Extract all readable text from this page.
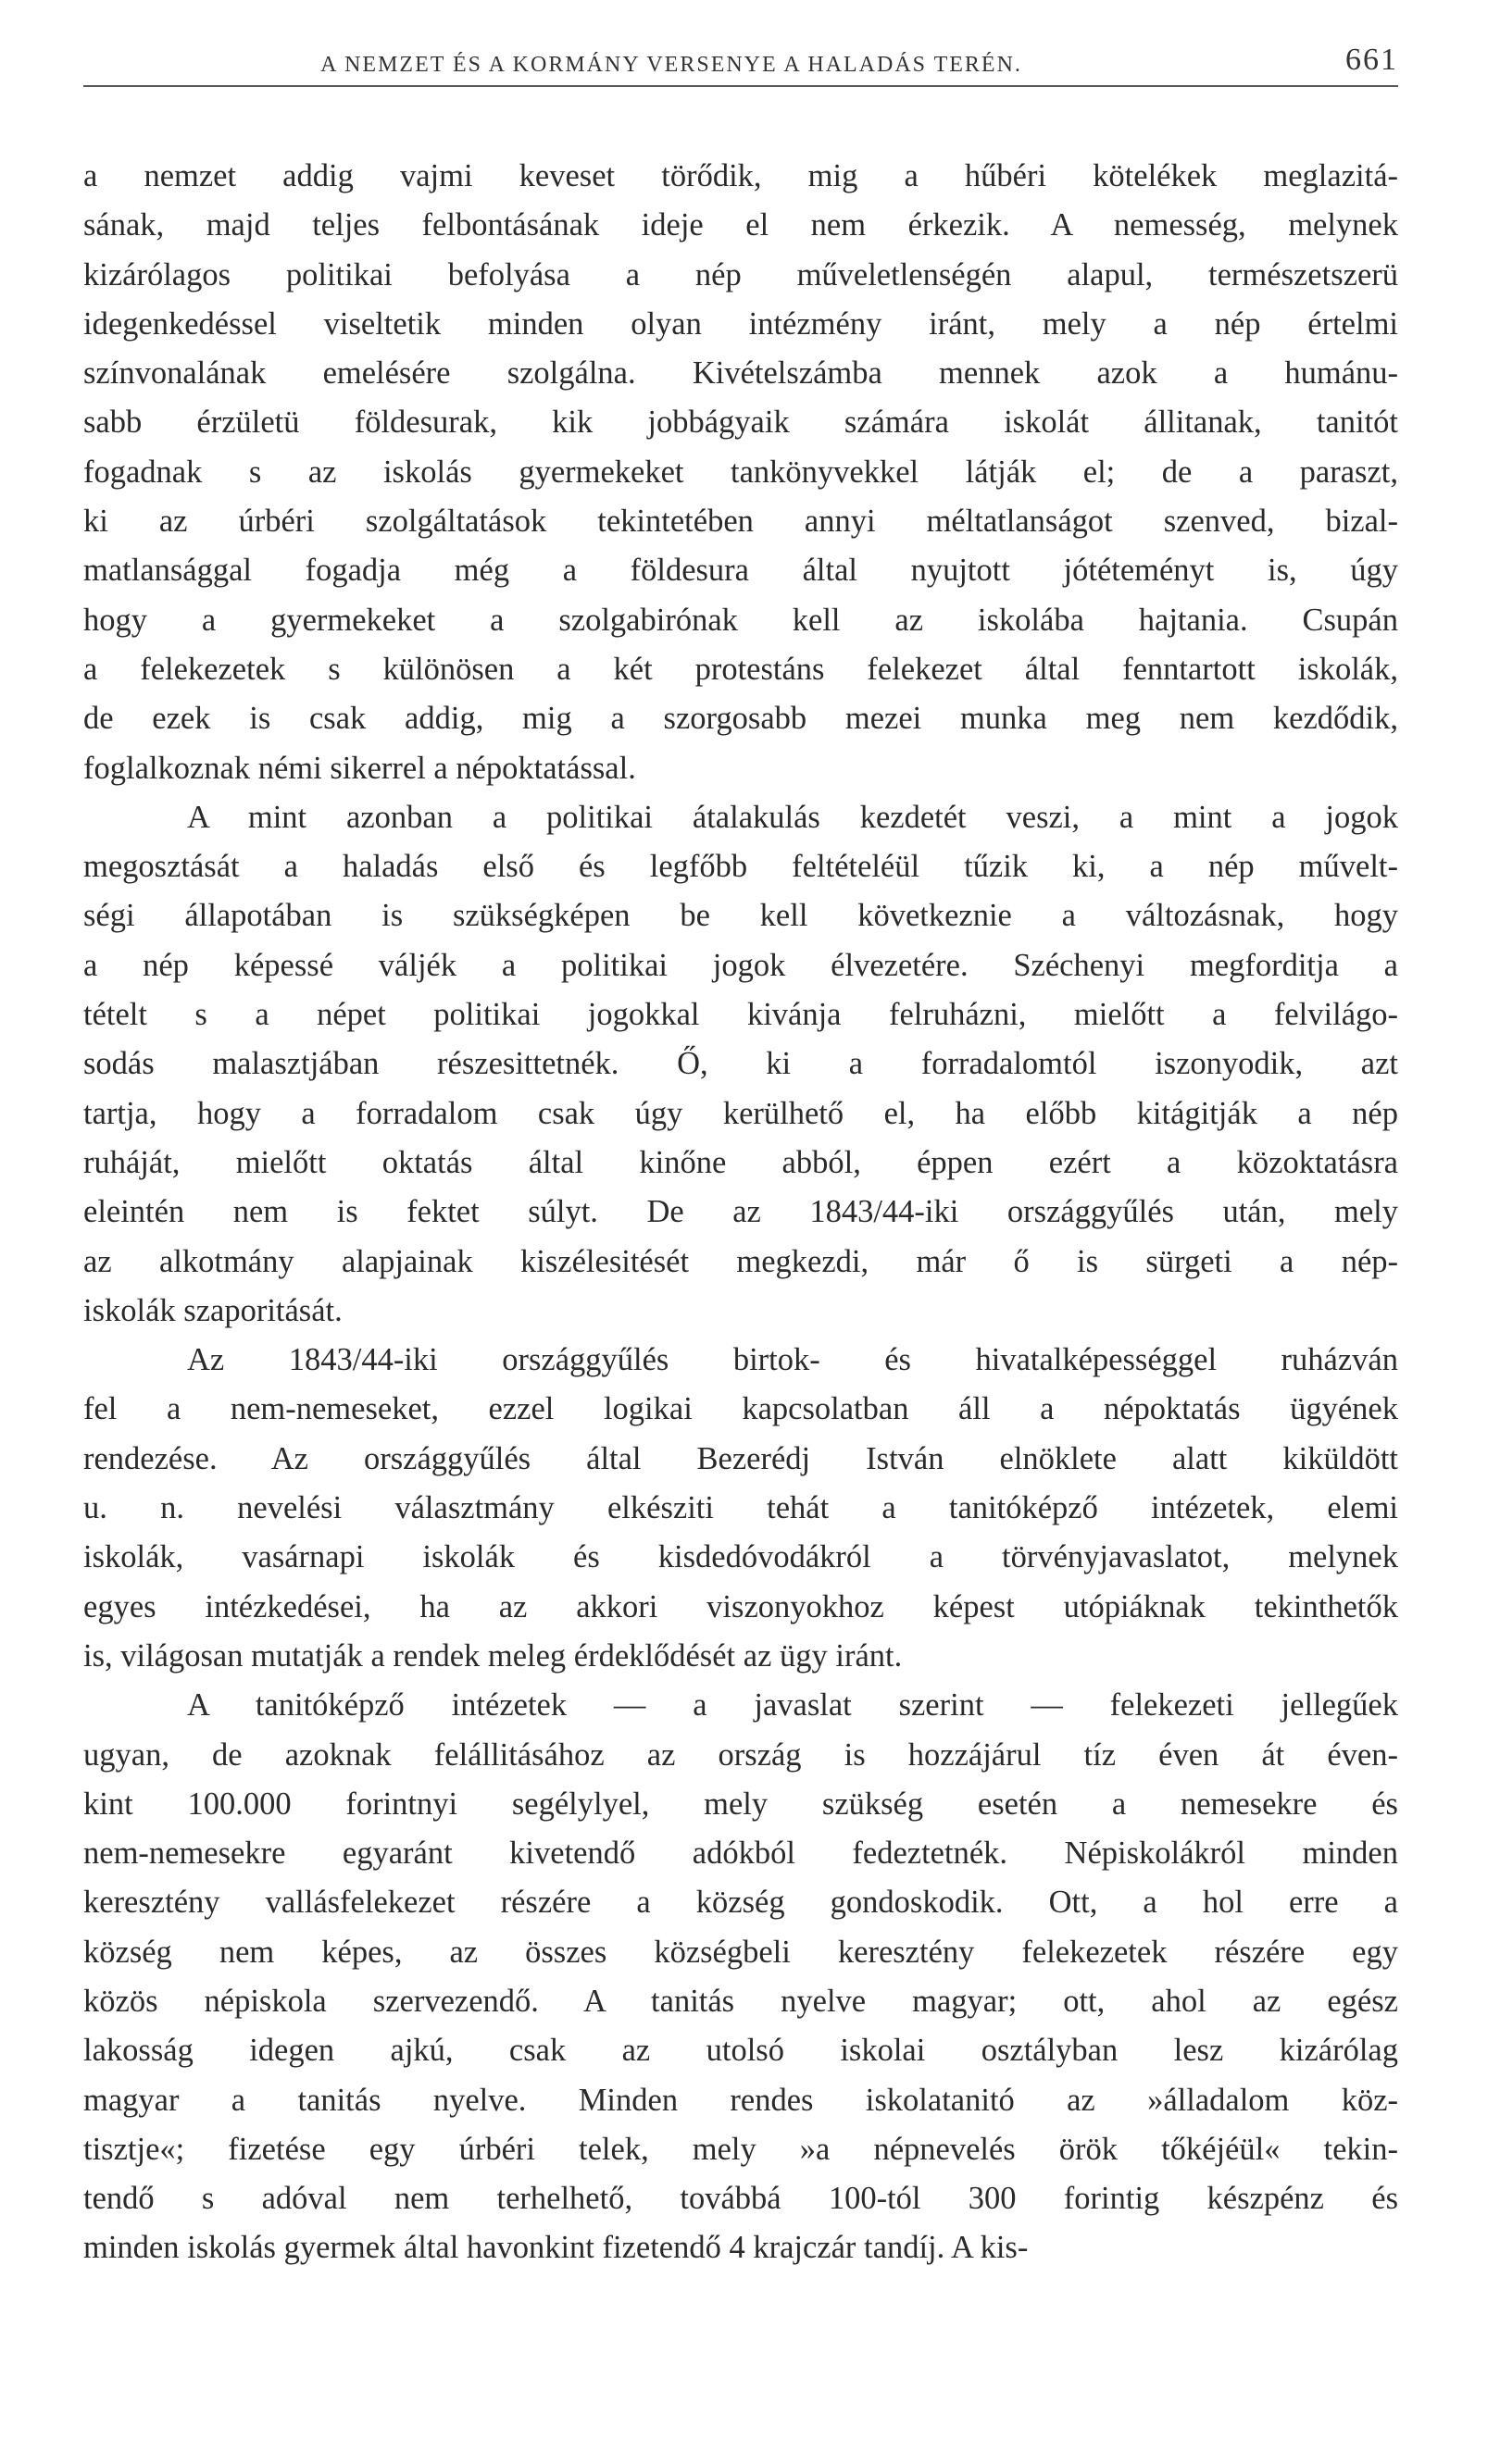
A NEMZET ÉS A KORMÁNY VERSENYE A HALADÁS TERÉN.	661
a nemzet addig vajmi keveset törődik, mig a hűbéri kötelékek meglazitá-
sának, majd teljes felbontásának ideje el nem érkezik. A nemesség, melynek
kizárólagos politikai befolyása a nép műveletlenségén alapul, természetszerü
idegenkedéssel viseltetik minden olyan intézmény iránt, mely a nép értelmi
színvonalának emelésére szolgálna. Kivételszámba mennek azok a humánu-
sabb érzületü földesurak, kik jobbágyaik számára iskolát állitanak, tanitót
fogadnak s az iskolás gyermekeket tankönyvekkel látják el; de a paraszt,
ki az úrbéri szolgáltatások tekintetében annyi méltatlanságot szenved, bizal-
matlansággal fogadja még a földesura által nyujtott jótéteményt is, úgy
hogy a gyermekeket a szolgabirónak kell az iskolába hajtania. Csupán
a felekezetek s különösen a két protestáns felekezet által fenntartott iskolák,
de ezek is csak addig, mig a szorgosabb mezei munka meg nem kezdődik,
foglalkoznak némi sikerrel a népoktatással.
A mint azonban a politikai átalakulás kezdetét veszi, a mint a jogok
megosztását a haladás első és legfőbb feltételéül tűzik ki, a nép művelt-
ségi állapotában is szükségképen be kell következnie a változásnak, hogy
a nép képessé váljék a politikai jogok élvezetére. Széchenyi megforditja a
tételt s a népet politikai jogokkal kivánja felruházni, mielőtt a felvilágo-
sodás malasztjában részesittetnék. Ő, ki a forradalomtól iszonyodik, azt
tartja, hogy a forradalom csak úgy kerülhető el, ha előbb kitágitják a nép
ruháját, mielőtt oktatás által kinőne abból, éppen ezért a közoktatásra
eleintén nem is fektet súlyt. De az 1843/44-iki országgyűlés után, mely
az alkotmány alapjainak kiszélesitését megkezdi, már ő is sürgeti a nép-
iskolák szaporitását.
Az 1843/44-iki országgyűlés birtok- és hivatalképességgel ruházván
fel a nem-nemeseket, ezzel logikai kapcsolatban áll a népoktatás ügyének
rendezése. Az országgyűlés által Bezerédj István elnöklete alatt kiküldött
u. n. nevelési választmány elkésziti tehát a tanitóképző intézetek, elemi
iskolák, vasárnapi iskolák és kisdedóvodákról a törvényjavaslatot, melynek
egyes intézkedései, ha az akkori viszonyokhoz képest utópiáknak tekinthetők
is, világosan mutatják a rendek meleg érdeklődését az ügy iránt.
A tanitóképző intézetek — a javaslat szerint — felekezeti jellegűek
ugyan, de azoknak felállitásához az ország is hozzájárul tíz éven át éven-
kint 100.000 forintnyi segélylyel, mely szükség esetén a nemesekre és
nem-nemesekre egyaránt kivetendő adókból fedeztetnék. Népiskolákról minden
keresztény vallásfelekezet részére a község gondoskodik. Ott, a hol erre a
község nem képes, az összes községbeli keresztény felekezetek részére egy
közös népiskola szervezendő. A tanitás nyelve magyar; ott, ahol az egész
lakosság idegen ajkú, csak az utolsó iskolai osztályban lesz kizárólag
magyar a tanitás nyelve. Minden rendes iskolatanitó az »álladalom köz-
tisztje«; fizetése egy úrbéri telek, mely »a népnevelés örök tőkéjéül« tekin-
tendő s adóval nem terhelhető, továbbá 100-tól 300 forintig készpénz és
minden iskolás gyermek által havonkint fizetendő 4 krajczár tandíj. A kis-
